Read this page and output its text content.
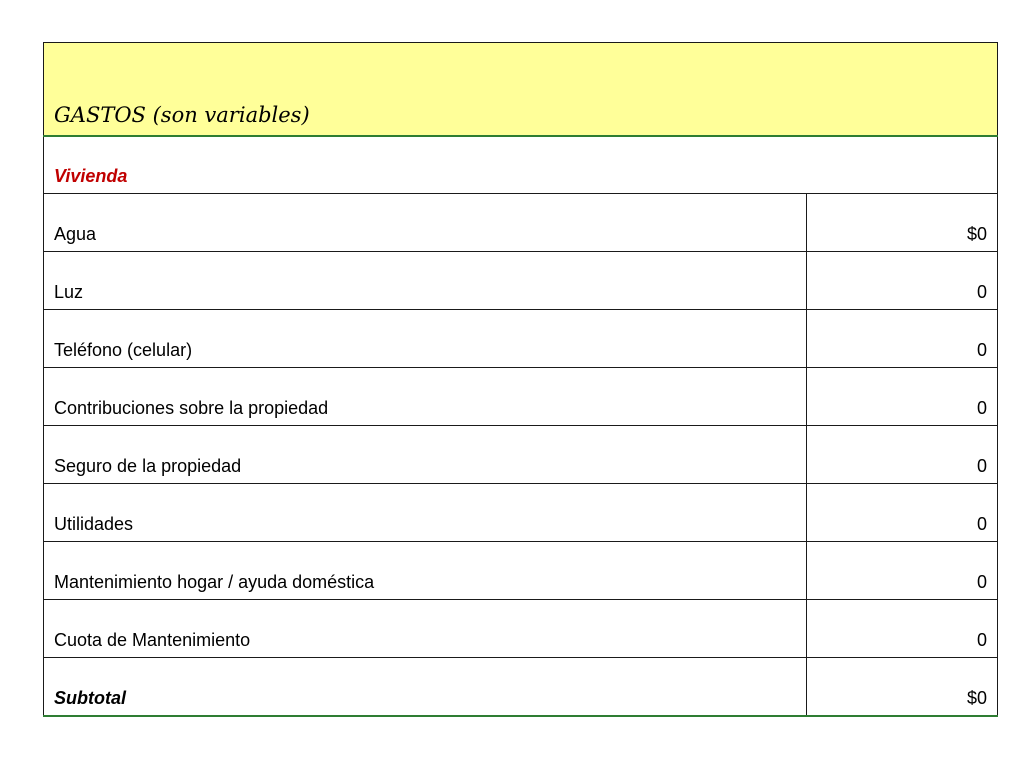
GASTOS (son variables)	
Vivienda	
Agua	$0
Luz	0
Teléfono (celular)	0
Contribuciones sobre la propiedad	0
Seguro de la propiedad	0
Utilidades	0
Mantenimiento hogar / ayuda doméstica	0
Cuota de Mantenimiento	0
Subtotal	$0
